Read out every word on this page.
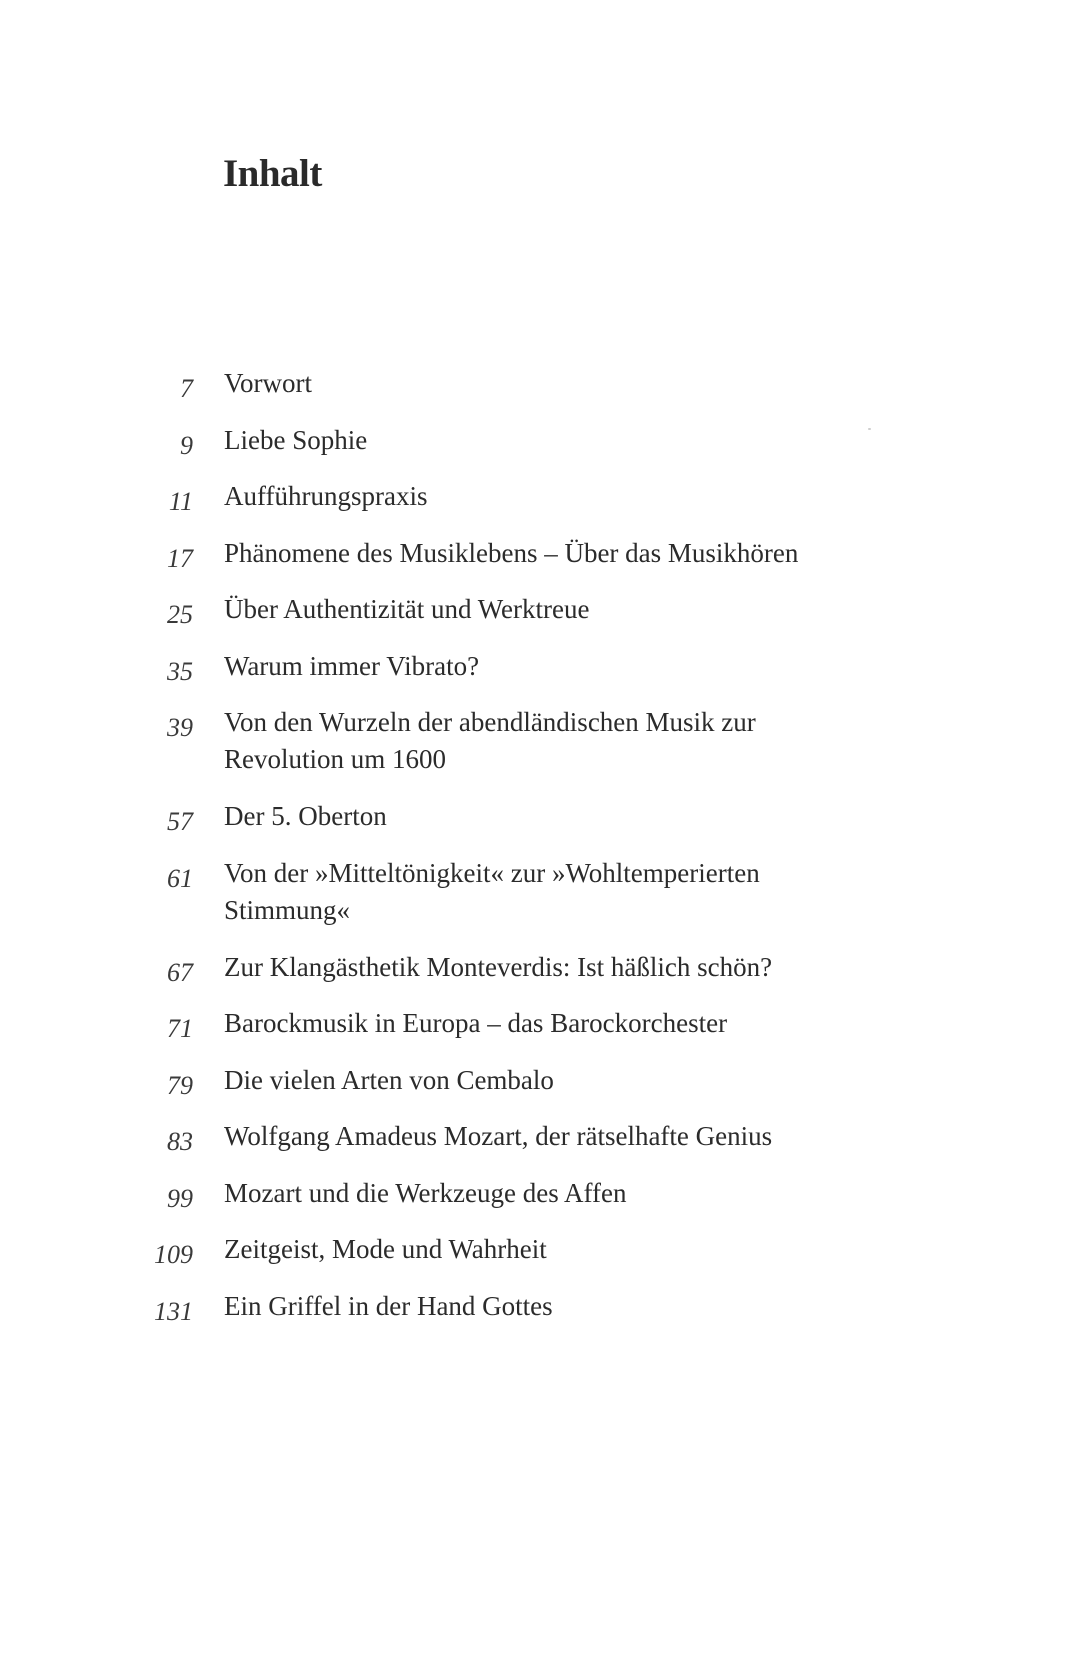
Inhalt
7 Vorwort
9 Liebe Sophie
11 Aufführungspraxis
17 Phänomene des Musiklebens – Über das Musikhören
25 Über Authentizität und Werktreue
35 Warum immer Vibrato?
39 Von den Wurzeln der abendländischen Musik zur Revolution um 1600
57 Der 5. Oberton
61 Von der »Mitteltönigkeit« zur »Wohltemperierten Stimmung«
67 Zur Klangästhetik Monteverdis: Ist häßlich schön?
71 Barockmusik in Europa – das Barockorchester
79 Die vielen Arten von Cembalo
83 Wolfgang Amadeus Mozart, der rätselhafte Genius
99 Mozart und die Werkzeuge des Affen
109 Zeitgeist, Mode und Wahrheit
131 Ein Griffel in der Hand Gottes
